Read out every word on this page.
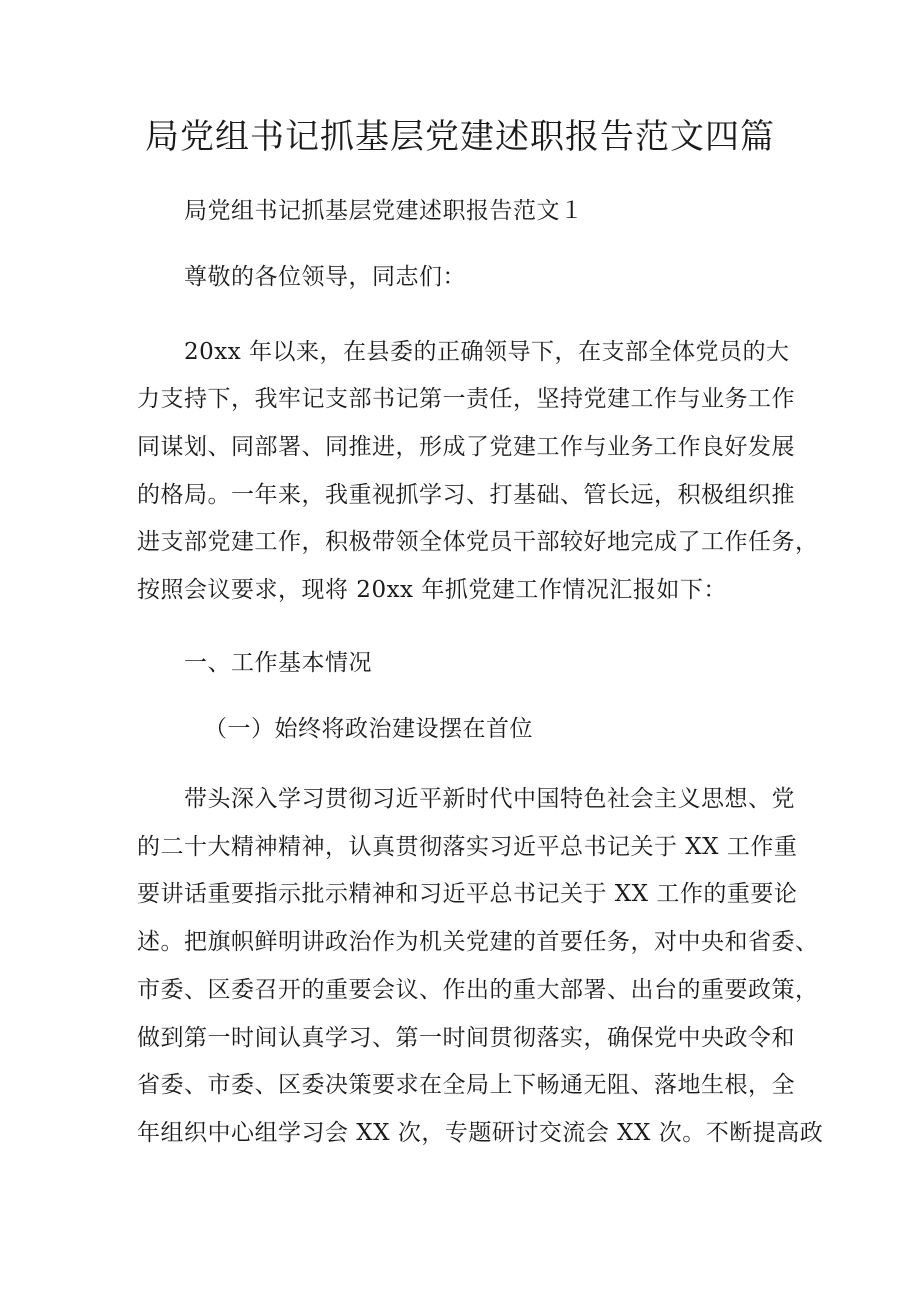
局党组书记抓基层党建述职报告范文四篇
局党组书记抓基层党建述职报告范文１
尊敬的各位领导，同志们：
20xx 年以来，在县委的正确领导下，在支部全体党员的大
力支持下，我牢记支部书记第一责任，坚持党建工作与业务工作
同谋划、同部署、同推进，形成了党建工作与业务工作良好发展
的格局。一年来，我重视抓学习、打基础、管长远，积极组织推
进支部党建工作，积极带领全体党员干部较好地完成了工作任务，
按照会议要求，现将 20xx 年抓党建工作情况汇报如下：
一、工作基本情况
（一）始终将政治建设摆在首位
带头深入学习贯彻习近平新时代中国特色社会主义思想、党
的二十大精神精神，认真贯彻落实习近平总书记关于 XX 工作重
要讲话重要指示批示精神和习近平总书记关于 XX 工作的重要论
述。把旗帜鲜明讲政治作为机关党建的首要任务，对中央和省委、
市委、区委召开的重要会议、作出的重大部署、出台的重要政策，
做到第一时间认真学习、第一时间贯彻落实，确保党中央政令和
省委、市委、区委决策要求在全局上下畅通无阻、落地生根，全
年组织中心组学习会 XX 次，专题研讨交流会 XX 次。不断提高政
